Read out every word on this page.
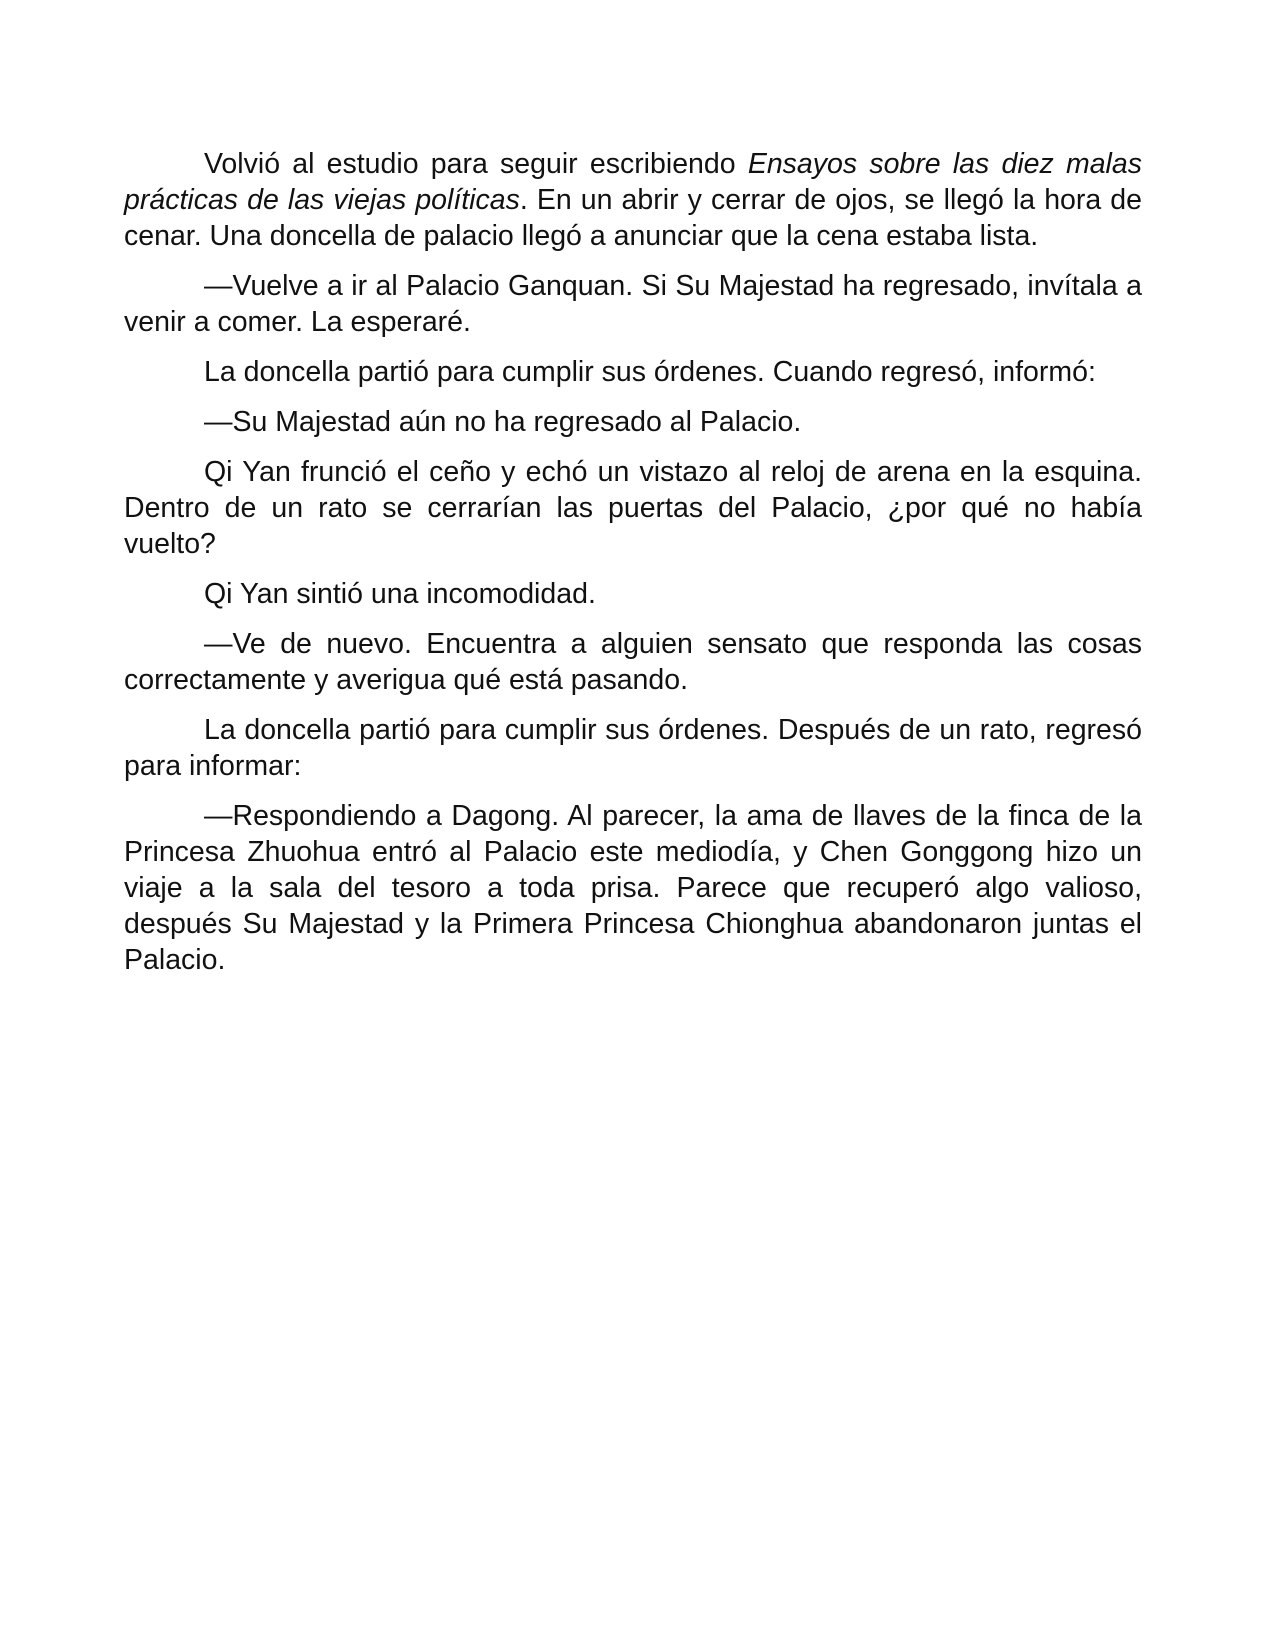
Volvió al estudio para seguir escribiendo Ensayos sobre las diez malas prácticas de las viejas políticas. En un abrir y cerrar de ojos, se llegó la hora de cenar. Una doncella de palacio llegó a anunciar que la cena estaba lista.

—Vuelve a ir al Palacio Ganquan. Si Su Majestad ha regresado, invítala a venir a comer. La esperaré.

La doncella partió para cumplir sus órdenes. Cuando regresó, informó:

—Su Majestad aún no ha regresado al Palacio.

Qi Yan frunció el ceño y echó un vistazo al reloj de arena en la esquina. Dentro de un rato se cerrarían las puertas del Palacio, ¿por qué no había vuelto?

Qi Yan sintió una incomodidad.

—Ve de nuevo. Encuentra a alguien sensato que responda las cosas correctamente y averigua qué está pasando.

La doncella partió para cumplir sus órdenes. Después de un rato, regresó para informar:

—Respondiendo a Dagong. Al parecer, la ama de llaves de la finca de la Princesa Zhuohua entró al Palacio este mediodía, y Chen Gonggong hizo un viaje a la sala del tesoro a toda prisa. Parece que recuperó algo valioso, después Su Majestad y la Primera Princesa Chionghua abandonaron juntas el Palacio.
